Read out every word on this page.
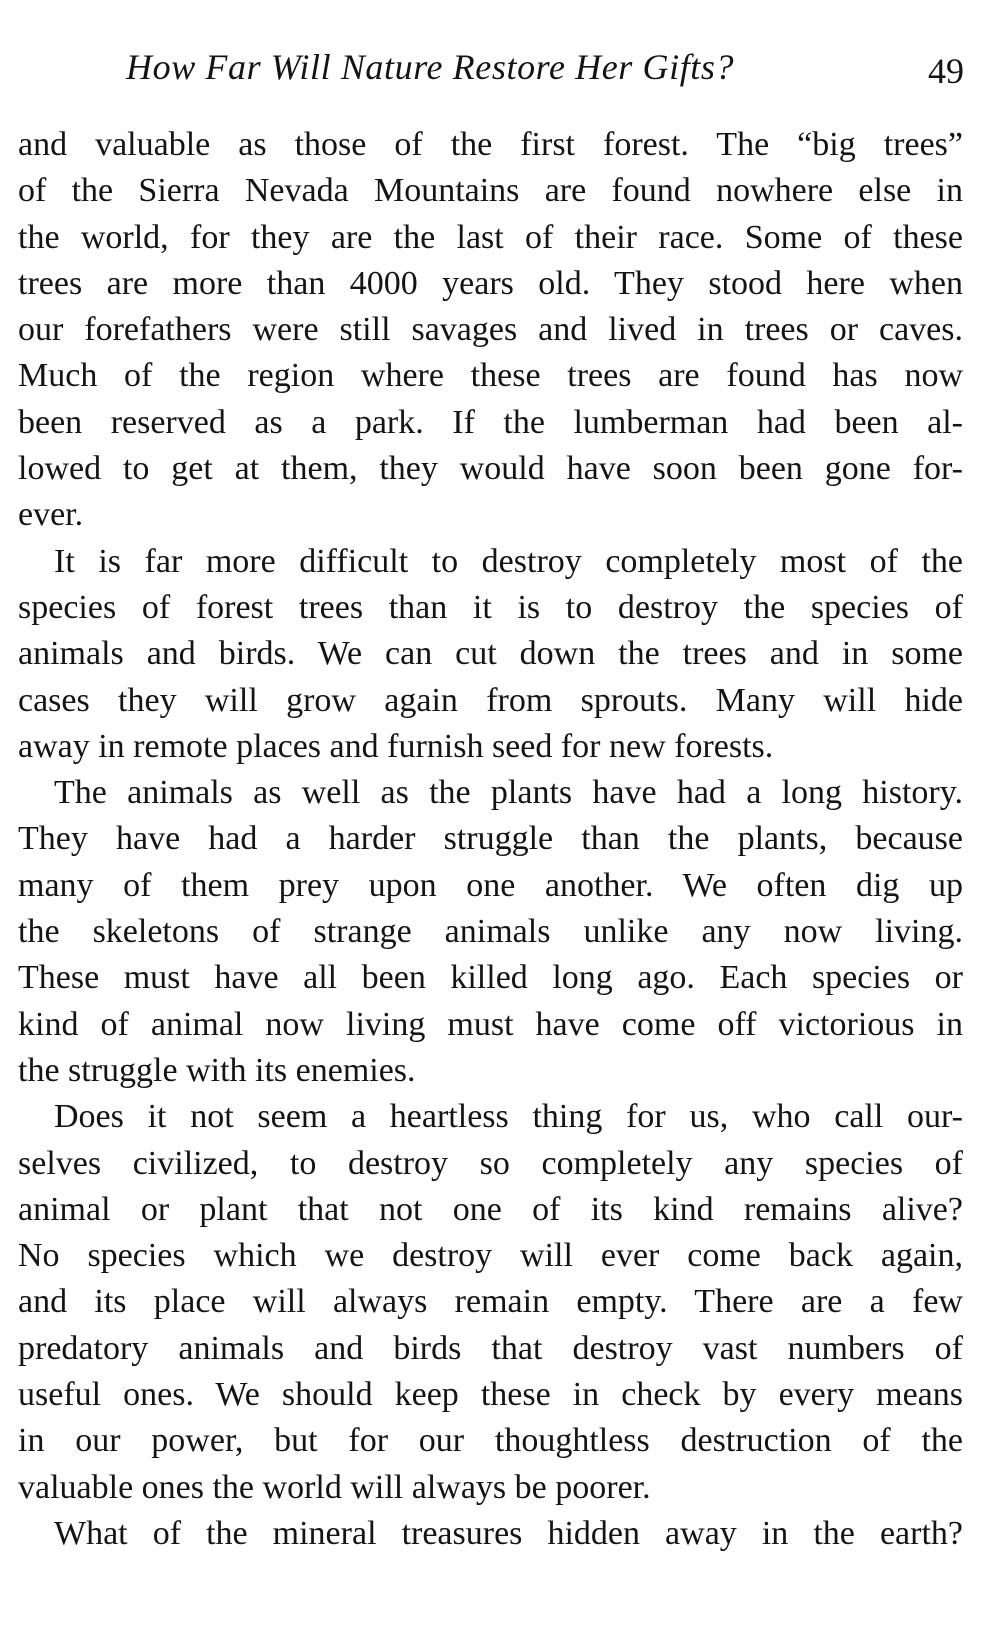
How Far Will Nature Restore Her Gifts?	49
and valuable as those of the first forest. The “big trees”
of the Sierra Nevada Mountains are found nowhere else in
the world, for they are the last of their race. Some of these
trees are more than 4000 years old. They stood here when
our forefathers were still savages and lived in trees or caves.
Much of the region where these trees are found has now
been reserved as a park. If the lumberman had been al-
lowed to get at them, they would have soon been gone for-
ever.
It is far more difficult to destroy completely most of the
species of forest trees than it is to destroy the species of
animals and birds. We can cut down the trees and in some
cases they will grow again from sprouts. Many will hide
away in remote places and furnish seed for new forests.
The animals as well as the plants have had a long history.
They have had a harder struggle than the plants, because
many of them prey upon one another. We often dig up
the skeletons of strange animals unlike any now living.
These must have all been killed long ago. Each species or
kind of animal now living must have come off victorious in
the struggle with its enemies.
Does it not seem a heartless thing for us, who call our-
selves civilized, to destroy so completely any species of
animal or plant that not one of its kind remains alive?
No species which we destroy will ever come back again,
and its place will always remain empty. There are a few
predatory animals and birds that destroy vast numbers of
useful ones. We should keep these in check by every means
in our power, but for our thoughtless destruction of the
valuable ones the world will always be poorer.
What of the mineral treasures hidden away in the earth?
